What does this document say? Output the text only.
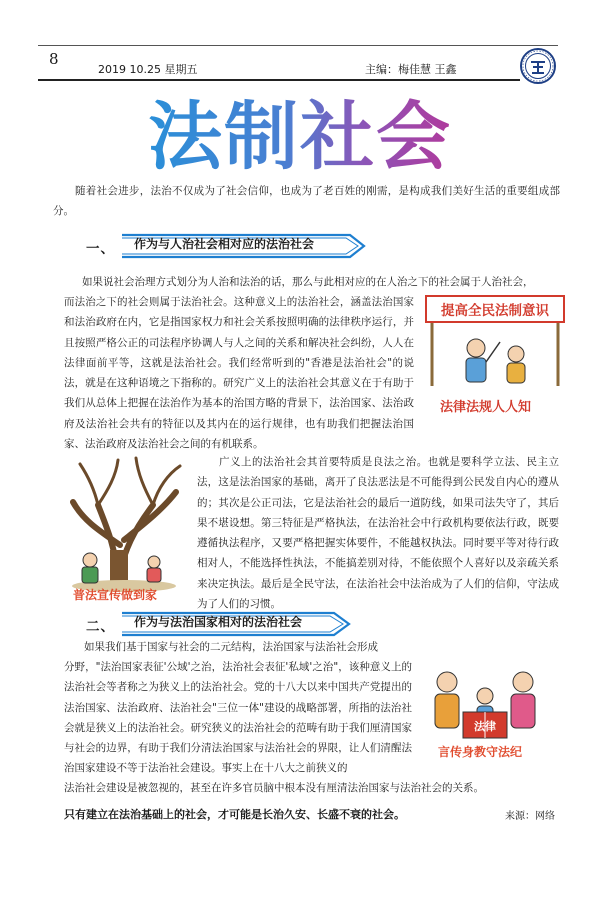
8
2019 10.25 星期五	主编：梅佳慧 王鑫
法制社会

随着社会进步，法治不仅成为了社会信仰，也成为了老百姓的刚需，是构成我们美好生活的重要组成部分。

一、	作为与人治社会相对应的法治社会

如果说社会治理方式划分为人治和法治的话，那么与此相对应的在人治之下的社会属于人治社会，

而法治之下的社会则属于法治社会。这种意义上的法治社会，涵盖法治国家和法治政府在内，它是指国家权力和社会关系按照明确的法律秩序运行，并且按照严格公正的司法程序协调人与人之间的关系和解决社会纠纷，人人在法律面前平等，这就是法治社会。我们经常听到的"香港是法治社会"的说法，就是在这种语境之下指称的。研究广义上的法治社会其意义在于有助于我们从总体上把握在法治作为基本的治国方略的背景下，法治国家、法治政府及法治社会共有的特征以及其内在的运行规律，也有助我们把握法治国家、法治政府及法治社会之间的有机联系。

提高全民法制意识
法律法规人人知
普法宣传做到家

广义上的法治社会其首要特质是良法之治。也就是要科学立法、民主立法，这是法治国家的基础，离开了良法恶法是不可能得到公民发自内心的遵从的；其次是公正司法，它是法治社会的最后一道防线，如果司法失守了，其后果不堪设想。第三特征是严格执法，在法治社会中行政机构要依法行政，既要遵循执法程序，又要严格把握实体要件，不能越权执法。同时要平等对待行政相对人，不能选择性执法，不能搞差别对待，不能依照个人喜好以及亲疏关系来决定执法。最后是全民守法，在法治社会中法治成为了人们的信仰，守法成为了人们的习惯。

二、	作为与法治国家相对的法治社会

如果我们基于国家与社会的二元结构，法治国家与法治社会形成

分野，"法治国家表征'公域'之治，法治社会表征'私域'之治"，该种意义上的法治社会等者称之为狭义上的法治社会。党的十八大以来中国共产党提出的法治国家、法治政府、法治社会"三位一体"建设的战略部署，所指的法治社会就是狭义上的法治社会。研究狭义的法治社会的范畴有助于我们厘清国家与社会的边界，有助于我们分清法治国家与法治社会的界限，让人们清醒法治国家建设不等于法治社会建设。事实上在十八大之前狭义的

法治社会建设是被忽视的，甚至在许多官员脑中根本没有厘清法治国家与法治社会的关系。

法律
言传身教守法纪
只有建立在法治基础上的社会，才可能是长治久安、长盛不衰的社会。	来源：网络
